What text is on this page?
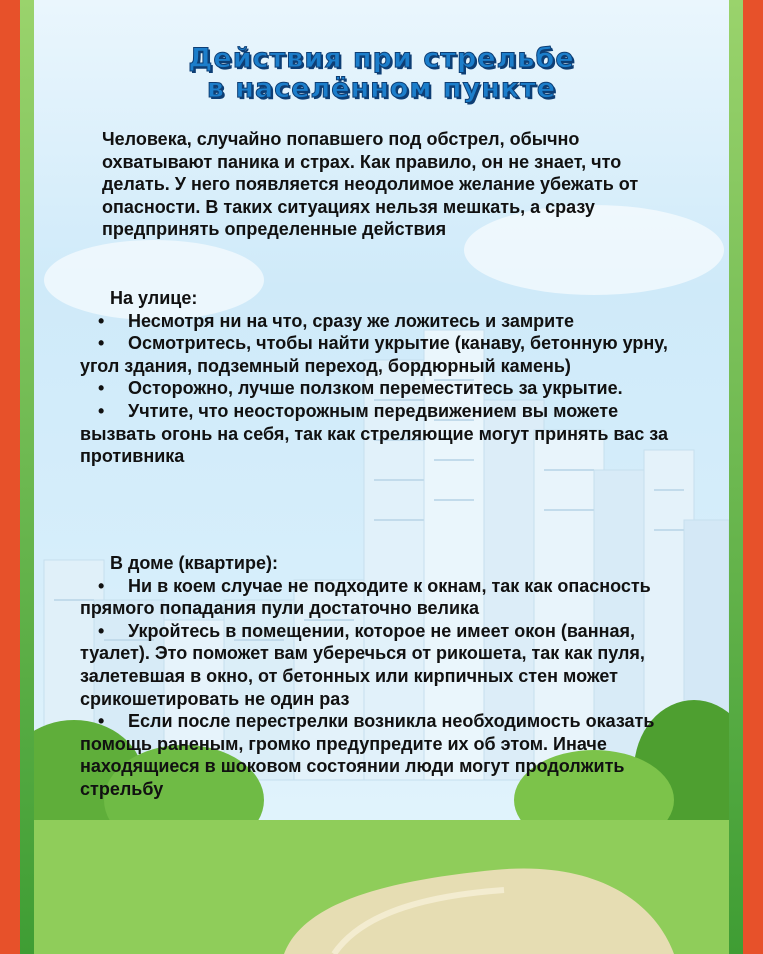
Действия при стрельбе
в населённом пункте

Человека, случайно попавшего под обстрел, обычно охватывают паника и страх. Как правило, он не знает, что делать. У него появляется неодолимое желание убежать от опасности. В таких ситуациях нельзя мешкать, а сразу предпринять определенные действия

На улице:

• Несмотря ни на что, сразу же ложитесь и замрите

• Осмотритесь, чтобы найти укрытие (канаву, бетонную урну, угол здания, подземный переход, бордюрный камень)

• Осторожно, лучше ползком переместитесь за укрытие.

• Учтите, что неосторожным передвижением вы можете вызвать огонь на себя, так как стреляющие могут принять вас за противника

В доме (квартире):

• Ни в коем случае не подходите к окнам, так как опасность прямого попадания пули достаточно велика

• Укройтесь в помещении, которое не имеет окон (ванная, туалет). Это поможет вам уберечься от рикошета, так как пуля, залетевшая в окно, от бетонных или кирпичных стен может срикошетировать не один раз

• Если после перестрелки возникла необходимость оказать помощь раненым, громко предупредите их об этом. Иначе находящиеся в шоковом состоянии люди могут продолжить стрельбу
